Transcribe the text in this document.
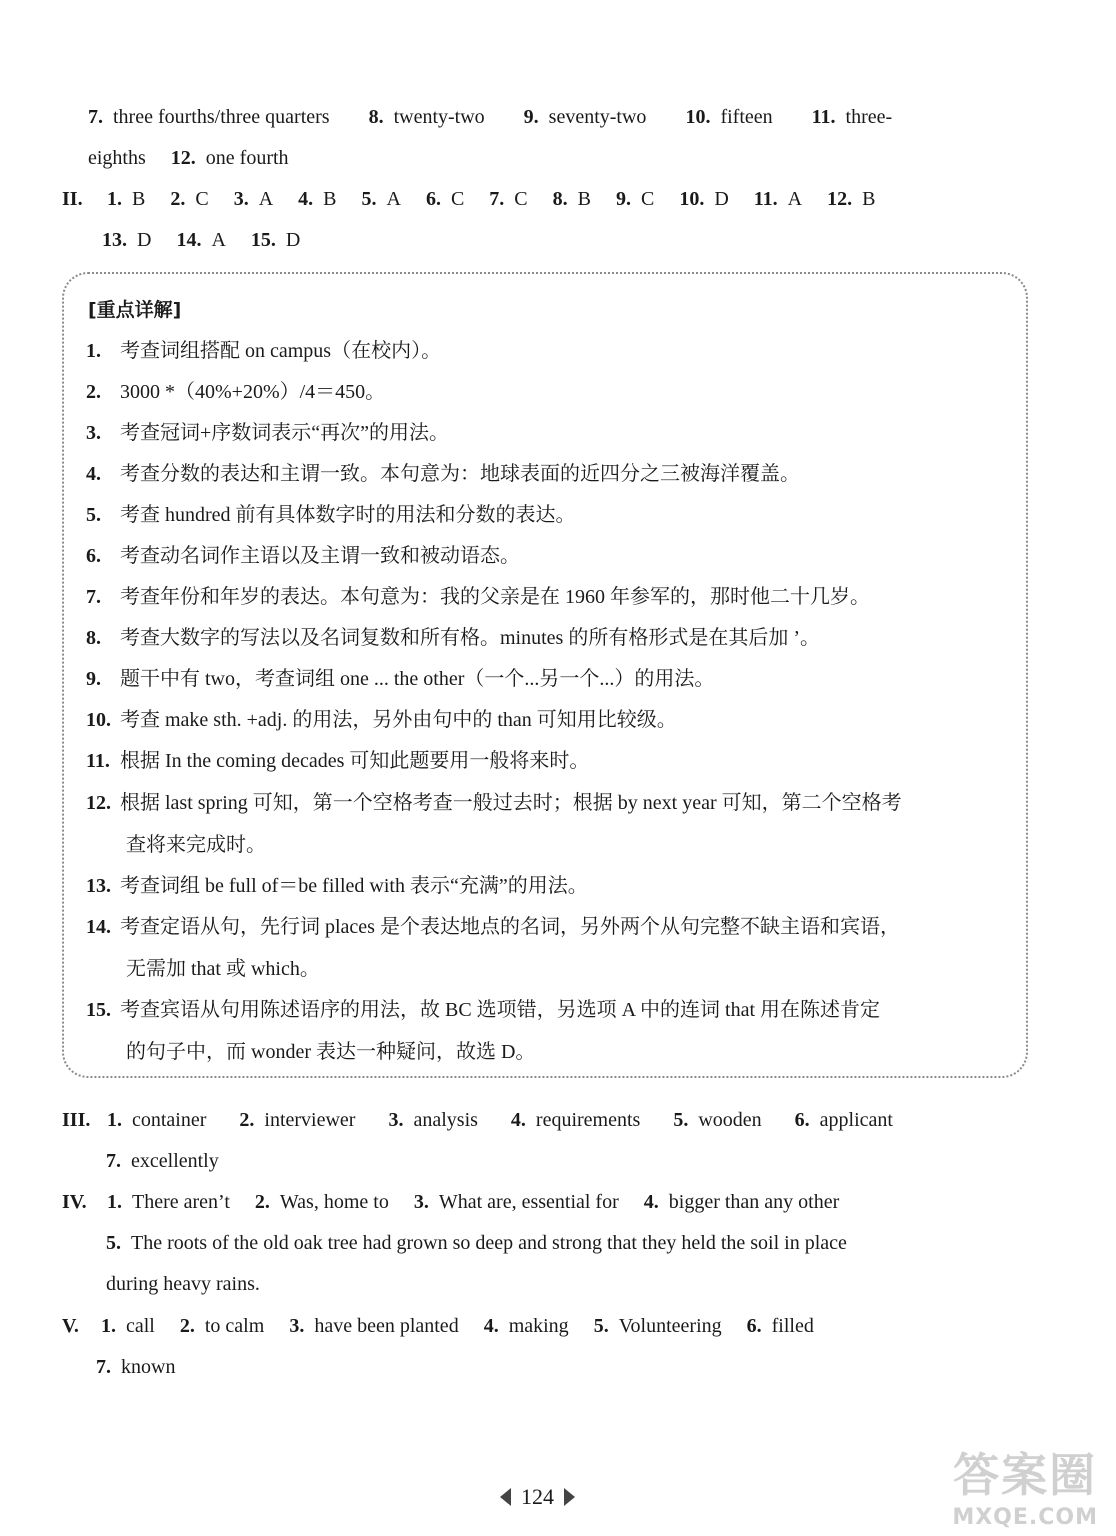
7. three fourths/three quarters 8. twenty-two 9. seventy-two 10. fifteen 11. three-
eighths 12. one fourth
II. 1. B 2. C 3. A 4. B 5. A 6. C 7. C 8. B 9. C 10. D 11. A 12. B
13. D 14. A 15. D
[重点详解]
1. 考查词组搭配 on campus（在校内）。
2. 3000 *（40%+20%）/4＝450。
3. 考查冠词+序数词表示“再次”的用法。
4. 考查分数的表达和主谓一致。本句意为：地球表面的近四分之三被海洋覆盖。
5. 考查 hundred 前有具体数字时的用法和分数的表达。
6. 考查动名词作主语以及主谓一致和被动语态。
7. 考查年份和年岁的表达。本句意为：我的父亲是在 1960 年参军的，那时他二十几岁。
8. 考查大数字的写法以及名词复数和所有格。minutes 的所有格形式是在其后加 ’。
9. 题干中有 two，考查词组 one ... the other（一个...另一个...）的用法。
10. 考查 make sth. +adj. 的用法，另外由句中的 than 可知用比较级。
11. 根据 In the coming decades 可知此题要用一般将来时。
12. 根据 last spring 可知，第一个空格考查一般过去时；根据 by next year 可知，第二个空格考
查将来完成时。
13. 考查词组 be full of＝be filled with 表示“充满”的用法。
14. 考查定语从句，先行词 places 是个表达地点的名词，另外两个从句完整不缺主语和宾语，
无需加 that 或 which。
15. 考查宾语从句用陈述语序的用法，故 BC 选项错，另选项 A 中的连词 that 用在陈述肯定
的句子中，而 wonder 表达一种疑问，故选 D。
III. 1. container 2. interviewer 3. analysis 4. requirements 5. wooden 6. applicant
7. excellently
IV. 1. There aren’t 2. Was, home to 3. What are, essential for 4. bigger than any other
5. The roots of the old oak tree had grown so deep and strong that they held the soil in place
during heavy rains.
V. 1. call 2. to calm 3. have been planted 4. making 5. Volunteering 6. filled
7. known
124	答案圈
MXQE.COM
